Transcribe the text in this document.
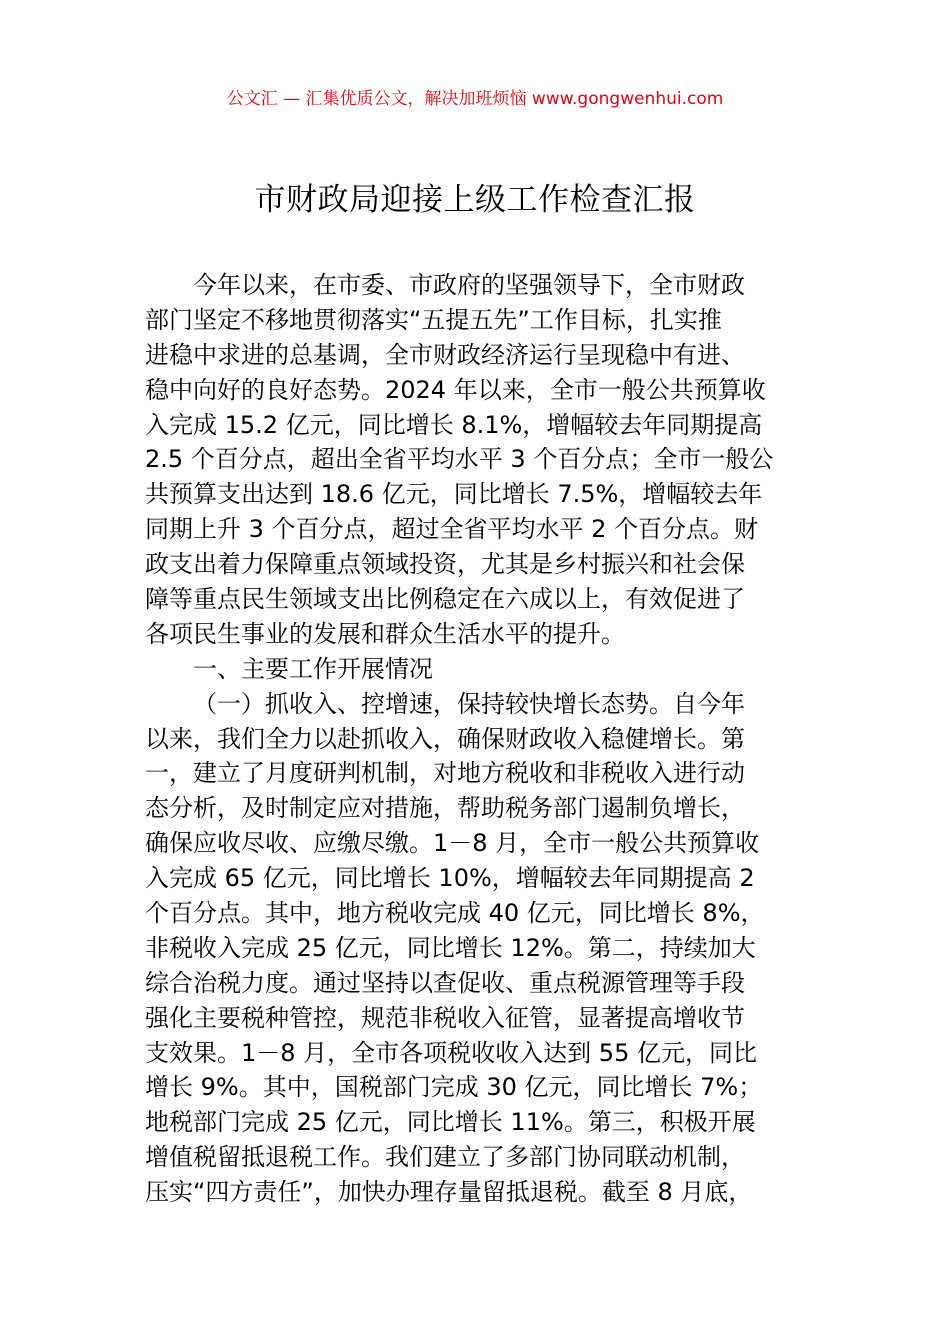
公文汇 — 汇集优质公文，解决加班烦恼 www.gongwenhui.com
市财政局迎接上级工作检查汇报
今年以来，在市委、市政府的坚强领导下，全市财政
部门坚定不移地贯彻落实“五提五先”工作目标，扎实推
进稳中求进的总基调，全市财政经济运行呈现稳中有进、
稳中向好的良好态势。2024 年以来，全市一般公共预算收
入完成 15.2 亿元，同比增长 8.1%，增幅较去年同期提高
2.5 个百分点，超出全省平均水平 3 个百分点；全市一般公
共预算支出达到 18.6 亿元，同比增长 7.5%，增幅较去年
同期上升 3 个百分点，超过全省平均水平 2 个百分点。财
政支出着力保障重点领域投资，尤其是乡村振兴和社会保
障等重点民生领域支出比例稳定在六成以上，有效促进了
各项民生事业的发展和群众生活水平的提升。
一、主要工作开展情况
（一）抓收入、控增速，保持较快增长态势。自今年
以来，我们全力以赴抓收入，确保财政收入稳健增长。第
一，建立了月度研判机制，对地方税收和非税收入进行动
态分析，及时制定应对措施，帮助税务部门遏制负增长，
确保应收尽收、应缴尽缴。1－8 月，全市一般公共预算收
入完成 65 亿元，同比增长 10%，增幅较去年同期提高 2
个百分点。其中，地方税收完成 40 亿元，同比增长 8%，
非税收入完成 25 亿元，同比增长 12%。第二，持续加大
综合治税力度。通过坚持以查促收、重点税源管理等手段
强化主要税种管控，规范非税收入征管，显著提高增收节
支效果。1－8 月，全市各项税收收入达到 55 亿元，同比
增长 9%。其中，国税部门完成 30 亿元，同比增长 7%；
地税部门完成 25 亿元，同比增长 11%。第三，积极开展
增值税留抵退税工作。我们建立了多部门协同联动机制，
压实“四方责任”，加快办理存量留抵退税。截至 8 月底，
